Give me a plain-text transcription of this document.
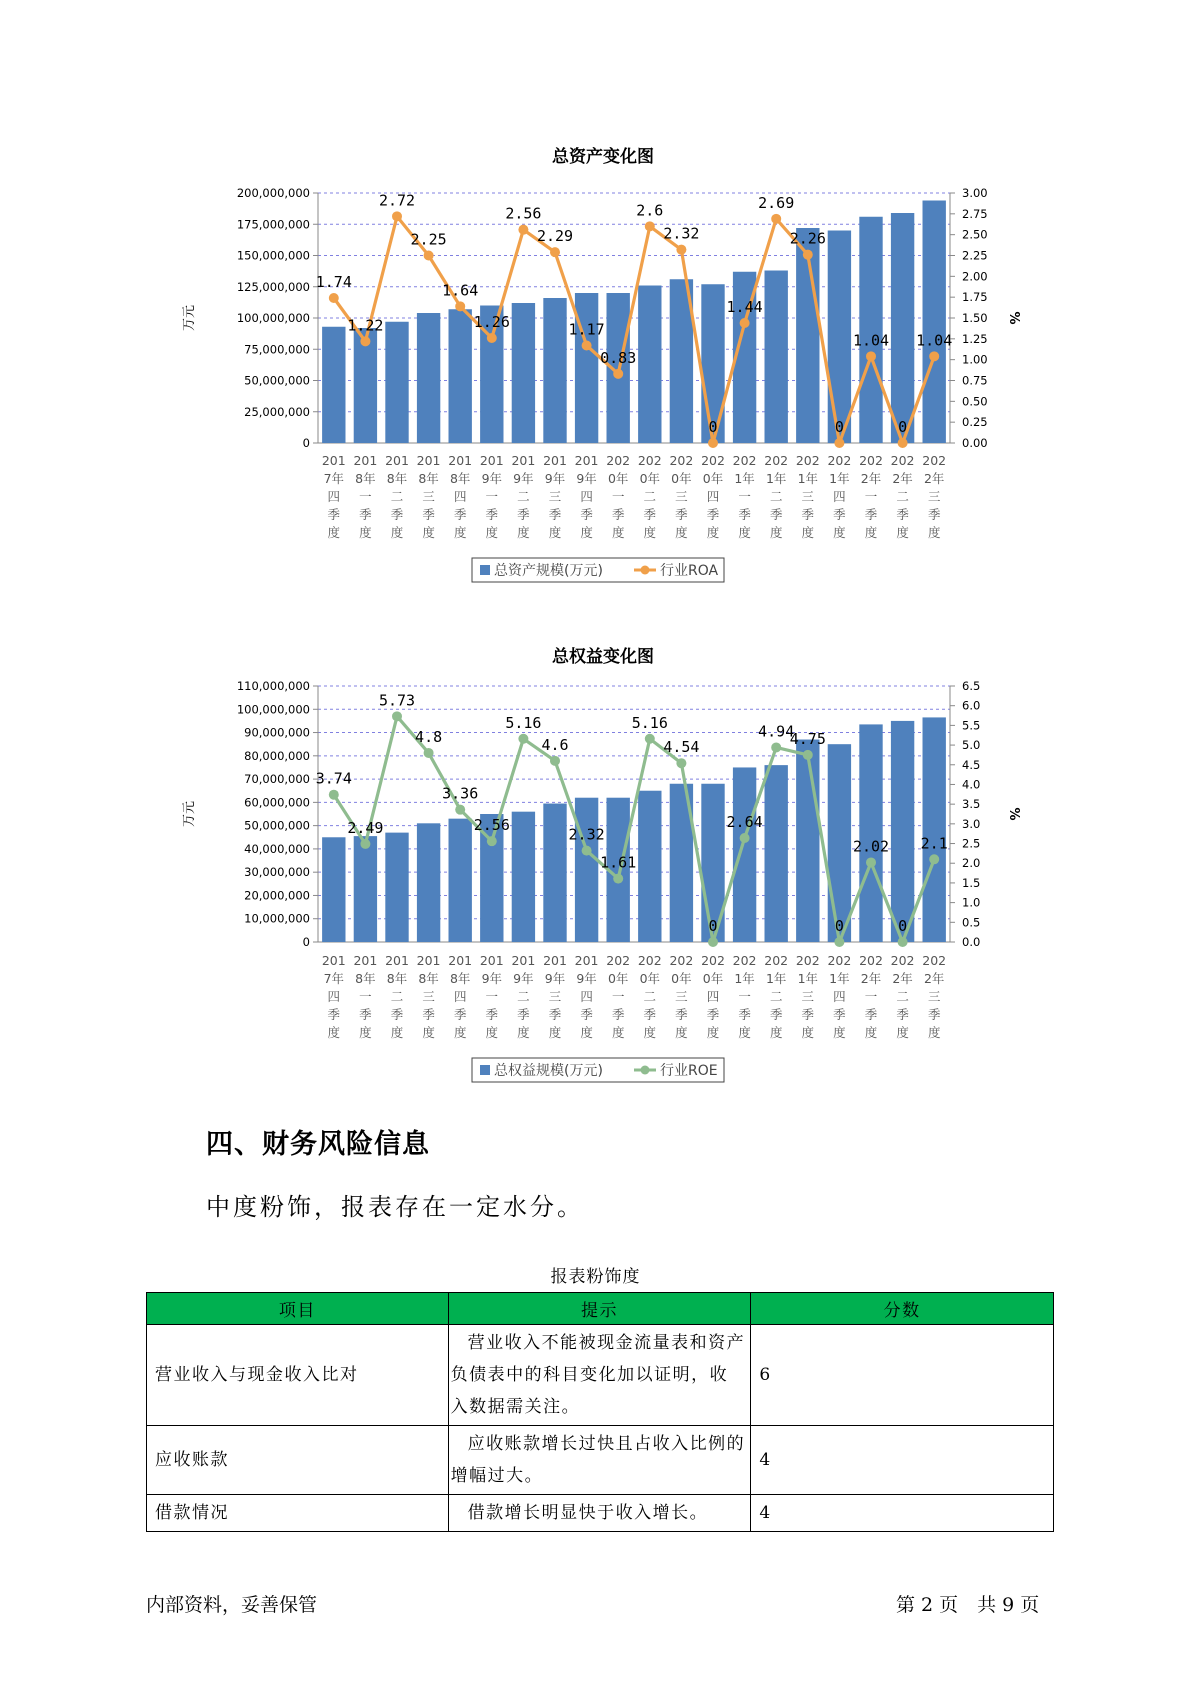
总资产变化图
0
25,000,000
50,000,000
75,000,000
100,000,000
125,000,000
150,000,000
175,000,000
200,000,000
0.00
0.25
0.50
0.75
1.00
1.25
1.50
1.75
2.00
2.25
2.50
2.75
3.00
万元	%
1.74
1.22
2.72
2.25
1.64
1.26
2.56
2.29
1.17
0.83
2.6
2.32
0
1.44
2.69
2.26
0
1.04
0
1.04
201 7年四季度
201 8年一季度
201 8年二季度
201 8年三季度
201 8年四季度
201 9年一季度
201 9年二季度
201 9年三季度
201 9年四季度
202 0年一季度
202 0年二季度
202 0年三季度
202 0年四季度
202 1年一季度
202 1年二季度
202 1年三季度
202 1年四季度
202 2年一季度
202 2年二季度
202 2年三季度
总资产规模(万元)	行业ROA
总权益变化图
0
10,000,000
20,000,000
30,000,000
40,000,000
50,000,000
60,000,000
70,000,000
80,000,000
90,000,000
100,000,000
110,000,000
0.0
0.5
1.0
1.5
2.0
2.5
3.0
3.5
4.0
4.5
5.0
5.5
6.0
6.5
万元	%
3.74
2.49
5.73
4.8
3.36
2.56
5.16
4.6
2.32
1.61
5.16
4.54
0
2.64
4.94
4.75
0
2.02
0
2.1
201 7年四季度
201 8年一季度
201 8年二季度
201 8年三季度
201 8年四季度
201 9年一季度
201 9年二季度
201 9年三季度
201 9年四季度
202 0年一季度
202 0年二季度
202 0年三季度
202 0年四季度
202 1年一季度
202 1年二季度
202 1年三季度
202 1年四季度
202 2年一季度
202 2年二季度
202 2年三季度
总权益规模(万元)	行业ROE
四、财务风险信息

中度粉饰，报表存在一定水分。

报表粉饰度
项目	提示	分数
营业收入与现金收入比对	营业收入不能被现金流量表和资产负债表中的科目变化加以证明，收入数据需关注。	6
应收账款	应收账款增长过快且占收入比例的增幅过大。	4
借款情况	借款增长明显快于收入增长。	4
内部资料，妥善保管	第 2 页　共 9 页
